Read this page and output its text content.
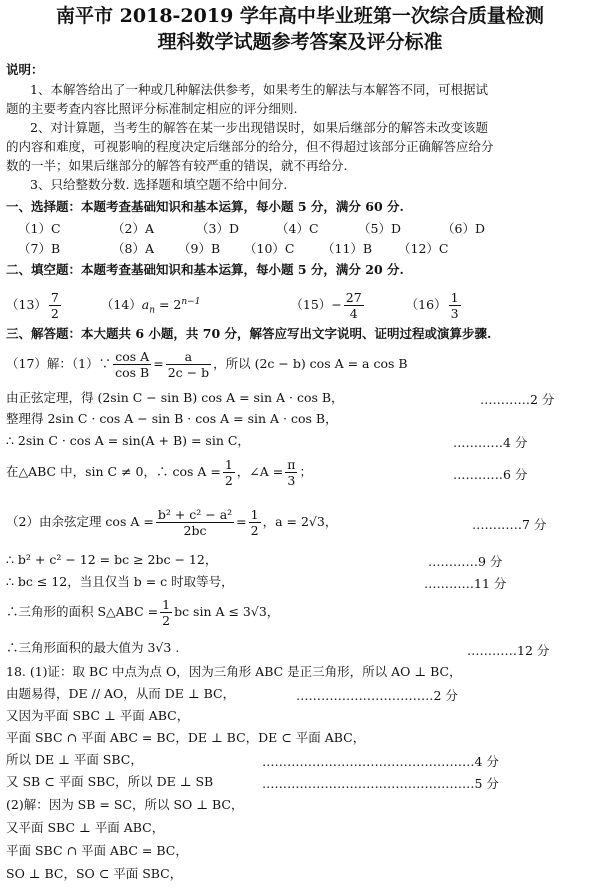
南平市 2018-2019 学年高中毕业班第一次综合质量检测
理科数学试题参考答案及评分标准
说明：
1、本解答给出了一种或几种解法供参考，如果考生的解法与本解答不同，可根据试
题的主要考查内容比照评分标准制定相应的评分细则.
2、对计算题，当考生的解答在某一步出现错误时，如果后继部分的解答未改变该题
的内容和难度，可视影响的程度决定后继部分的给分，但不得超过该部分正确解答应给分
数的一半；如果后继部分的解答有较严重的错误，就不再给分.
3、只给整数分数. 选择题和填空题不给中间分.
一、选择题：本题考查基础知识和基本运算，每小题 5 分，满分 60 分.
（1）C	（2）A	（3）D	（4）C	（5）D	（6）D
（7）B	（8）A （9）B （10）C （11）B （12）C
二、填空题：本题考查基础知识和基本运算，每小题 5 分，满分 20 分.
$(13) \frac{7}{2}$	$(14)a_n = 2^{n-1}$	$(15)- \frac{27}{4}$	$(16) \frac{1}{3}$
三、解答题：本大题共 6 小题，共 70 分，解答应写出文字说明、证明过程或演算步骤.
（17）解：（1）∵ $\frac{\text{cos A}}{\text{cos B}} = \frac{a}{2c - b}$ ，所以 (2c − b) cos A = a cos B
由正弦定理，得 (2sin C − sin B) cos A = sin A · cos B，	…………2 分
整理得 2sin C · cos A − sin B · cos A = sin A · cos B，
∴ 2sin C · cos A = sin(A + B) = sin C，	…………4 分
在△ABC 中，sin C ≠ 0，∴ $\cos A = \frac{1}{2}$ ，∠A = $\frac{\pi}{3}$ ；	…………6 分
（2）由余弦定理 $\cos A = \frac{\text{b² + c² − a²}}{2bc} = \frac{1}{2}$ ，a = 2√3，	…………7 分
∴ b² + c² − 12 = bc ≥ 2bc − 12，	…………9 分
∴ bc ≤ 12，当且仅当 b = c 时取等号，	…………11 分
∴三角形的面积 S△ABC = $\frac{1}{2}$ bc sin A ≤ 3√3，
∴三角形面积的最大值为 3√3 .	…………12 分
18. (1)证：取 BC 中点为点 O，因为三角形 ABC 是正三角形，所以 AO ⊥ BC，
由题易得，DE // AO，从而 DE ⊥ BC，	……………………………2 分
又因为平面 SBC ⊥ 平面 ABC，
平面 SBC ∩ 平面 ABC = BC，DE ⊥ BC，DE ⊂ 平面 ABC，
所以 DE ⊥ 平面 SBC，	……………………………………………4 分
又 SB ⊂ 平面 SBC，所以 DE ⊥ SB	……………………………………………5 分
(2)解：因为 SB = SC，所以 SO ⊥ BC，
又平面 SBC ⊥ 平面 ABC，
平面 SBC ∩ 平面 ABC = BC，
SO ⊥ BC，SO ⊂ 平面 SBC，
